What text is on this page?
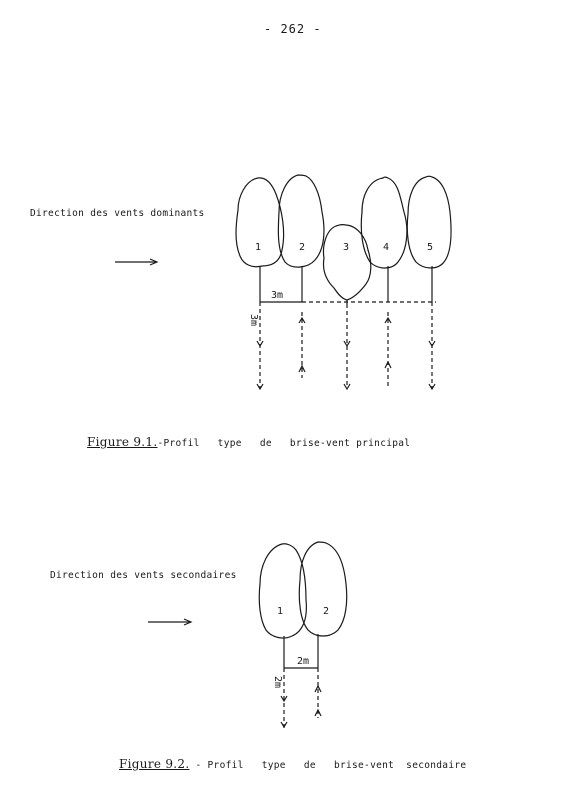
- 262 -
Direction des vents dominants

Figure 9.1.-Profil   type   de   brise-vent principal

Direction des vents secondaires

Figure 9.2. - Profil   type   de   brise-vent  secondaire

1	2	3	4	5
3m
3m
1	2
2m
2m
